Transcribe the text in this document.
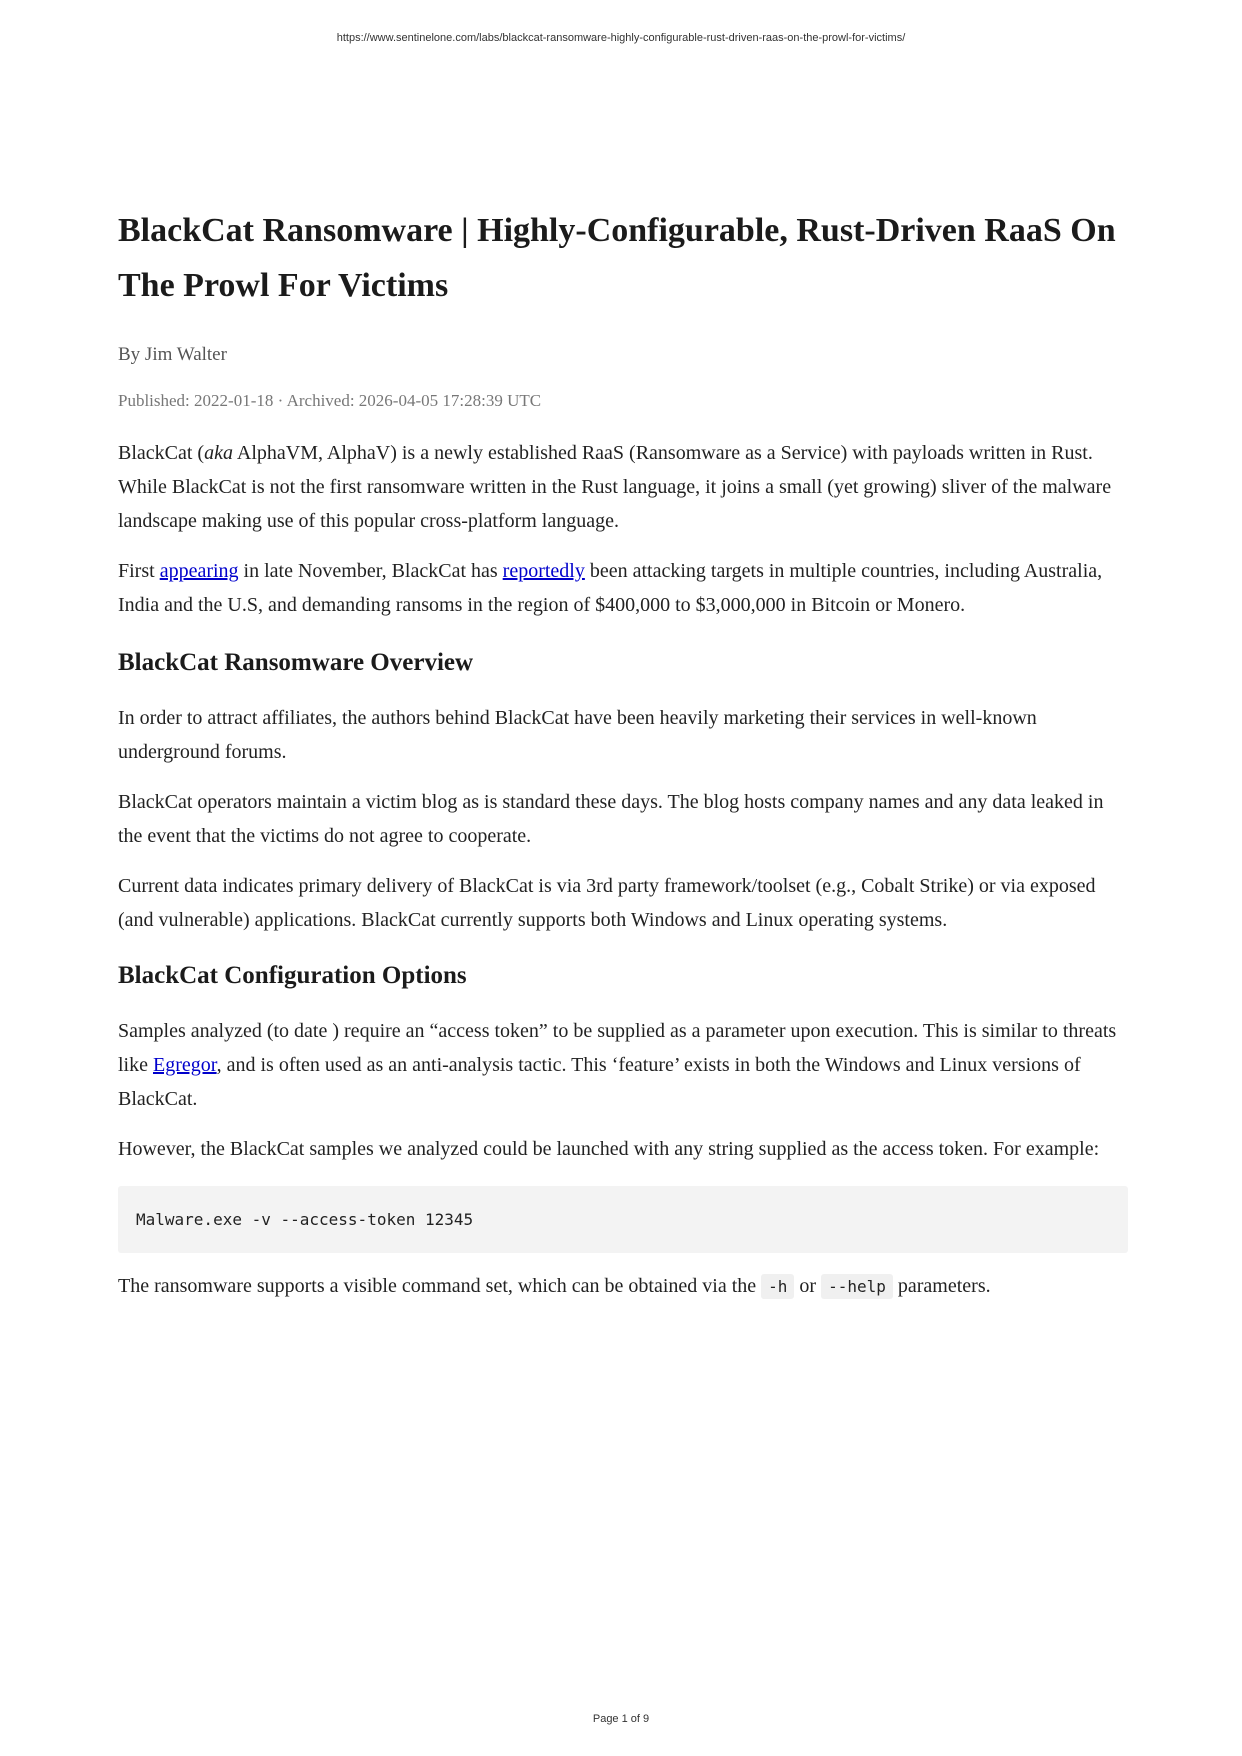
https://www.sentinelone.com/labs/blackcat-ransomware-highly-configurable-rust-driven-raas-on-the-prowl-for-victims/
BlackCat Ransomware | Highly-Configurable, Rust-Driven RaaS On The Prowl For Victims
By Jim Walter
Published: 2022-01-18 · Archived: 2026-04-05 17:28:39 UTC

BlackCat (aka AlphaVM, AlphaV) is a newly established RaaS (Ransomware as a Service) with payloads written in Rust. While BlackCat is not the first ransomware written in the Rust language, it joins a small (yet growing) sliver of the malware landscape making use of this popular cross-platform language.

First appearing in late November, BlackCat has reportedly been attacking targets in multiple countries, including Australia, India and the U.S, and demanding ransoms in the region of $400,000 to $3,000,000 in Bitcoin or Monero.

BlackCat Ransomware Overview

In order to attract affiliates, the authors behind BlackCat have been heavily marketing their services in well-known underground forums.

BlackCat operators maintain a victim blog as is standard these days. The blog hosts company names and any data leaked in the event that the victims do not agree to cooperate.

Current data indicates primary delivery of BlackCat is via 3rd party framework/toolset (e.g., Cobalt Strike) or via exposed (and vulnerable) applications. BlackCat currently supports both Windows and Linux operating systems.

BlackCat Configuration Options

Samples analyzed (to date ) require an “access token” to be supplied as a parameter upon execution. This is similar to threats like Egregor, and is often used as an anti-analysis tactic. This ‘feature’ exists in both the Windows and Linux versions of BlackCat.

However, the BlackCat samples we analyzed could be launched with any string supplied as the access token. For example:

Malware.exe -v --access-token 12345

The ransomware supports a visible command set, which can be obtained via the -h or --help parameters.

Page 1 of 9
